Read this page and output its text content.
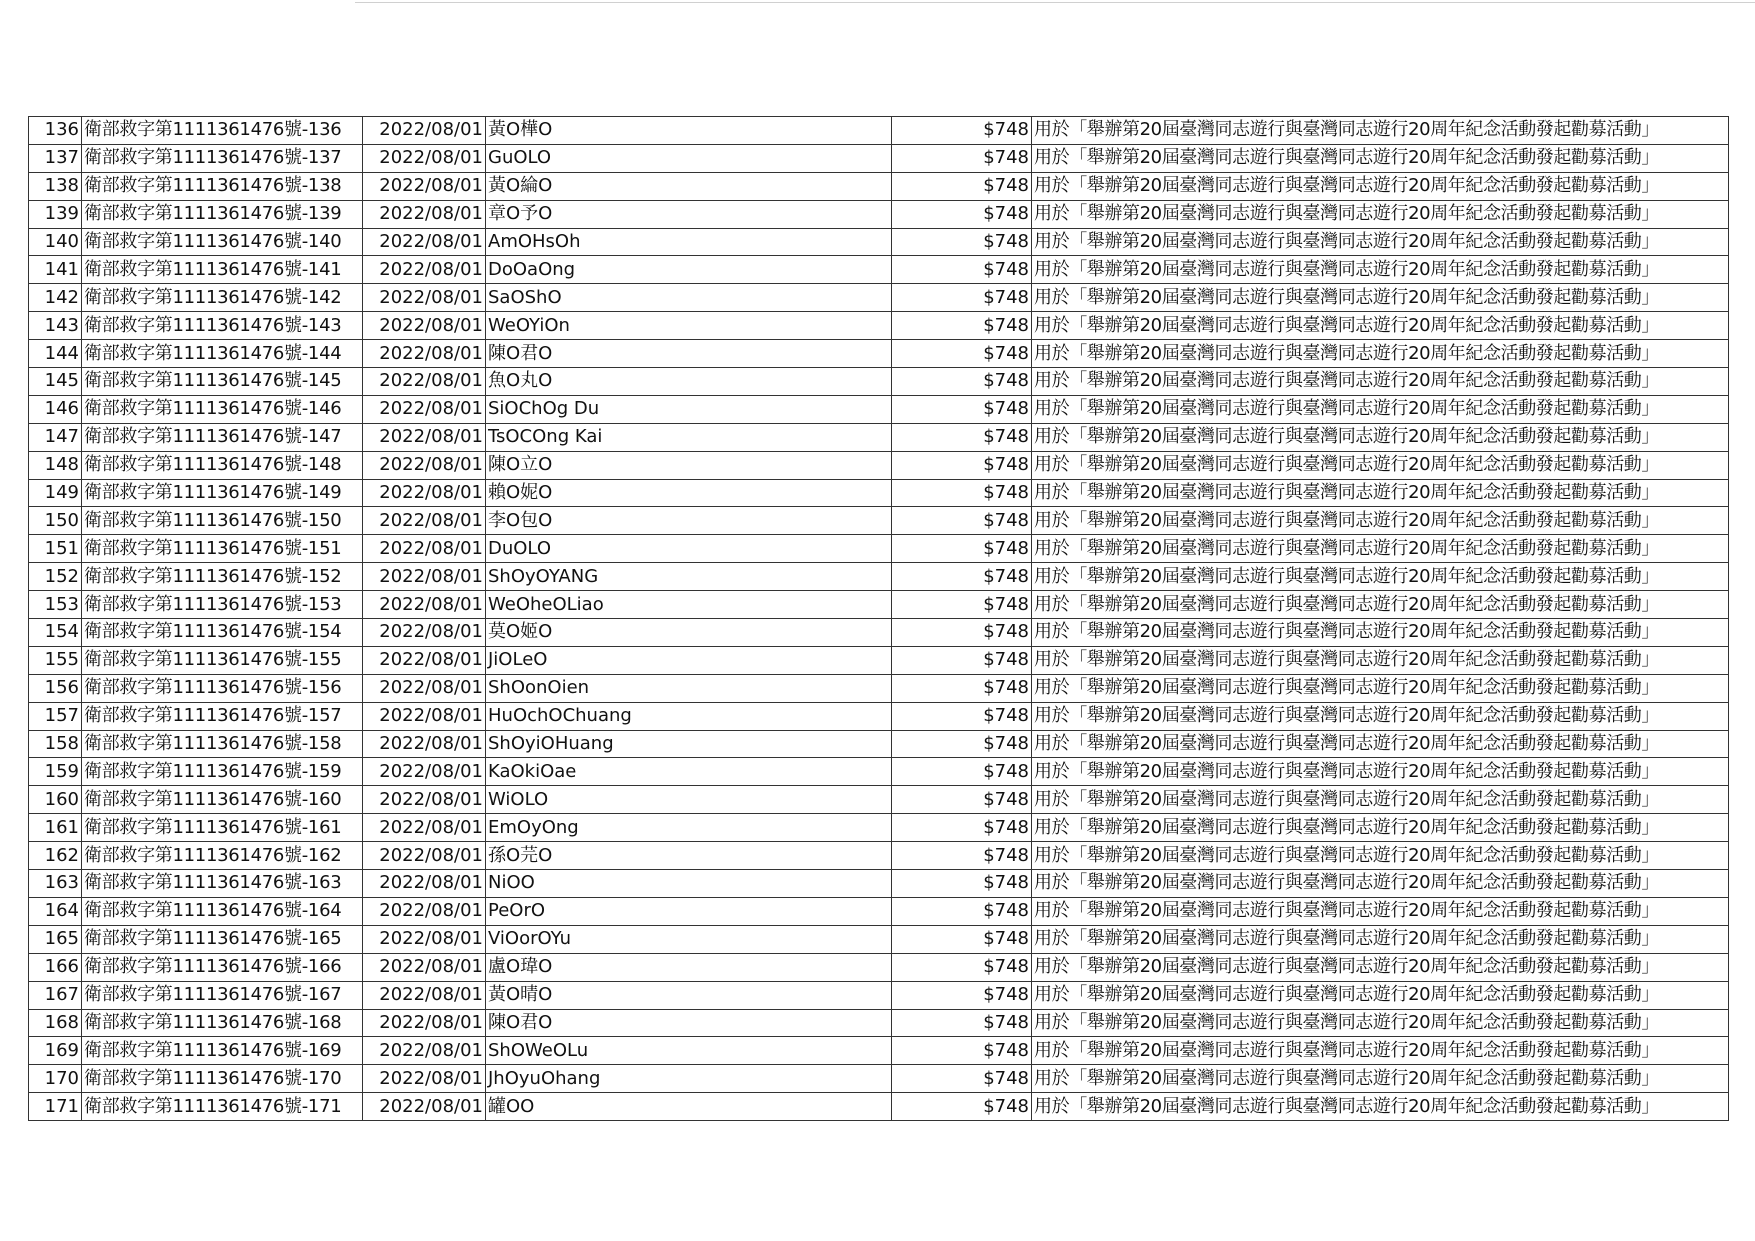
136	衛部救字第1111361476號-136	2022/08/01	黃O樺O	$748	用於「舉辦第20屆臺灣同志遊行與臺灣同志遊行20周年紀念活動發起勸募活動」
137	衛部救字第1111361476號-137	2022/08/01	GuOLO	$748	用於「舉辦第20屆臺灣同志遊行與臺灣同志遊行20周年紀念活動發起勸募活動」
138	衛部救字第1111361476號-138	2022/08/01	黃O綸O	$748	用於「舉辦第20屆臺灣同志遊行與臺灣同志遊行20周年紀念活動發起勸募活動」
139	衛部救字第1111361476號-139	2022/08/01	章O予O	$748	用於「舉辦第20屆臺灣同志遊行與臺灣同志遊行20周年紀念活動發起勸募活動」
140	衛部救字第1111361476號-140	2022/08/01	AmOHsOh	$748	用於「舉辦第20屆臺灣同志遊行與臺灣同志遊行20周年紀念活動發起勸募活動」
141	衛部救字第1111361476號-141	2022/08/01	DoOaOng	$748	用於「舉辦第20屆臺灣同志遊行與臺灣同志遊行20周年紀念活動發起勸募活動」
142	衛部救字第1111361476號-142	2022/08/01	SaOShO	$748	用於「舉辦第20屆臺灣同志遊行與臺灣同志遊行20周年紀念活動發起勸募活動」
143	衛部救字第1111361476號-143	2022/08/01	WeOYiOn	$748	用於「舉辦第20屆臺灣同志遊行與臺灣同志遊行20周年紀念活動發起勸募活動」
144	衛部救字第1111361476號-144	2022/08/01	陳O君O	$748	用於「舉辦第20屆臺灣同志遊行與臺灣同志遊行20周年紀念活動發起勸募活動」
145	衛部救字第1111361476號-145	2022/08/01	魚O丸O	$748	用於「舉辦第20屆臺灣同志遊行與臺灣同志遊行20周年紀念活動發起勸募活動」
146	衛部救字第1111361476號-146	2022/08/01	SiOChOg Du	$748	用於「舉辦第20屆臺灣同志遊行與臺灣同志遊行20周年紀念活動發起勸募活動」
147	衛部救字第1111361476號-147	2022/08/01	TsOCOng Kai	$748	用於「舉辦第20屆臺灣同志遊行與臺灣同志遊行20周年紀念活動發起勸募活動」
148	衛部救字第1111361476號-148	2022/08/01	陳O立O	$748	用於「舉辦第20屆臺灣同志遊行與臺灣同志遊行20周年紀念活動發起勸募活動」
149	衛部救字第1111361476號-149	2022/08/01	賴O妮O	$748	用於「舉辦第20屆臺灣同志遊行與臺灣同志遊行20周年紀念活動發起勸募活動」
150	衛部救字第1111361476號-150	2022/08/01	李O包O	$748	用於「舉辦第20屆臺灣同志遊行與臺灣同志遊行20周年紀念活動發起勸募活動」
151	衛部救字第1111361476號-151	2022/08/01	DuOLO	$748	用於「舉辦第20屆臺灣同志遊行與臺灣同志遊行20周年紀念活動發起勸募活動」
152	衛部救字第1111361476號-152	2022/08/01	ShOyOYANG	$748	用於「舉辦第20屆臺灣同志遊行與臺灣同志遊行20周年紀念活動發起勸募活動」
153	衛部救字第1111361476號-153	2022/08/01	WeOheOLiao	$748	用於「舉辦第20屆臺灣同志遊行與臺灣同志遊行20周年紀念活動發起勸募活動」
154	衛部救字第1111361476號-154	2022/08/01	莫O姬O	$748	用於「舉辦第20屆臺灣同志遊行與臺灣同志遊行20周年紀念活動發起勸募活動」
155	衛部救字第1111361476號-155	2022/08/01	JiOLeO	$748	用於「舉辦第20屆臺灣同志遊行與臺灣同志遊行20周年紀念活動發起勸募活動」
156	衛部救字第1111361476號-156	2022/08/01	ShOonOien	$748	用於「舉辦第20屆臺灣同志遊行與臺灣同志遊行20周年紀念活動發起勸募活動」
157	衛部救字第1111361476號-157	2022/08/01	HuOchOChuang	$748	用於「舉辦第20屆臺灣同志遊行與臺灣同志遊行20周年紀念活動發起勸募活動」
158	衛部救字第1111361476號-158	2022/08/01	ShOyiOHuang	$748	用於「舉辦第20屆臺灣同志遊行與臺灣同志遊行20周年紀念活動發起勸募活動」
159	衛部救字第1111361476號-159	2022/08/01	KaOkiOae	$748	用於「舉辦第20屆臺灣同志遊行與臺灣同志遊行20周年紀念活動發起勸募活動」
160	衛部救字第1111361476號-160	2022/08/01	WiOLO	$748	用於「舉辦第20屆臺灣同志遊行與臺灣同志遊行20周年紀念活動發起勸募活動」
161	衛部救字第1111361476號-161	2022/08/01	EmOyOng	$748	用於「舉辦第20屆臺灣同志遊行與臺灣同志遊行20周年紀念活動發起勸募活動」
162	衛部救字第1111361476號-162	2022/08/01	孫O芫O	$748	用於「舉辦第20屆臺灣同志遊行與臺灣同志遊行20周年紀念活動發起勸募活動」
163	衛部救字第1111361476號-163	2022/08/01	NiOO	$748	用於「舉辦第20屆臺灣同志遊行與臺灣同志遊行20周年紀念活動發起勸募活動」
164	衛部救字第1111361476號-164	2022/08/01	PeOrO	$748	用於「舉辦第20屆臺灣同志遊行與臺灣同志遊行20周年紀念活動發起勸募活動」
165	衛部救字第1111361476號-165	2022/08/01	ViOorOYu	$748	用於「舉辦第20屆臺灣同志遊行與臺灣同志遊行20周年紀念活動發起勸募活動」
166	衛部救字第1111361476號-166	2022/08/01	盧O瑋O	$748	用於「舉辦第20屆臺灣同志遊行與臺灣同志遊行20周年紀念活動發起勸募活動」
167	衛部救字第1111361476號-167	2022/08/01	黃O晴O	$748	用於「舉辦第20屆臺灣同志遊行與臺灣同志遊行20周年紀念活動發起勸募活動」
168	衛部救字第1111361476號-168	2022/08/01	陳O君O	$748	用於「舉辦第20屆臺灣同志遊行與臺灣同志遊行20周年紀念活動發起勸募活動」
169	衛部救字第1111361476號-169	2022/08/01	ShOWeOLu	$748	用於「舉辦第20屆臺灣同志遊行與臺灣同志遊行20周年紀念活動發起勸募活動」
170	衛部救字第1111361476號-170	2022/08/01	JhOyuOhang	$748	用於「舉辦第20屆臺灣同志遊行與臺灣同志遊行20周年紀念活動發起勸募活動」
171	衛部救字第1111361476號-171	2022/08/01	罐OO	$748	用於「舉辦第20屆臺灣同志遊行與臺灣同志遊行20周年紀念活動發起勸募活動」
